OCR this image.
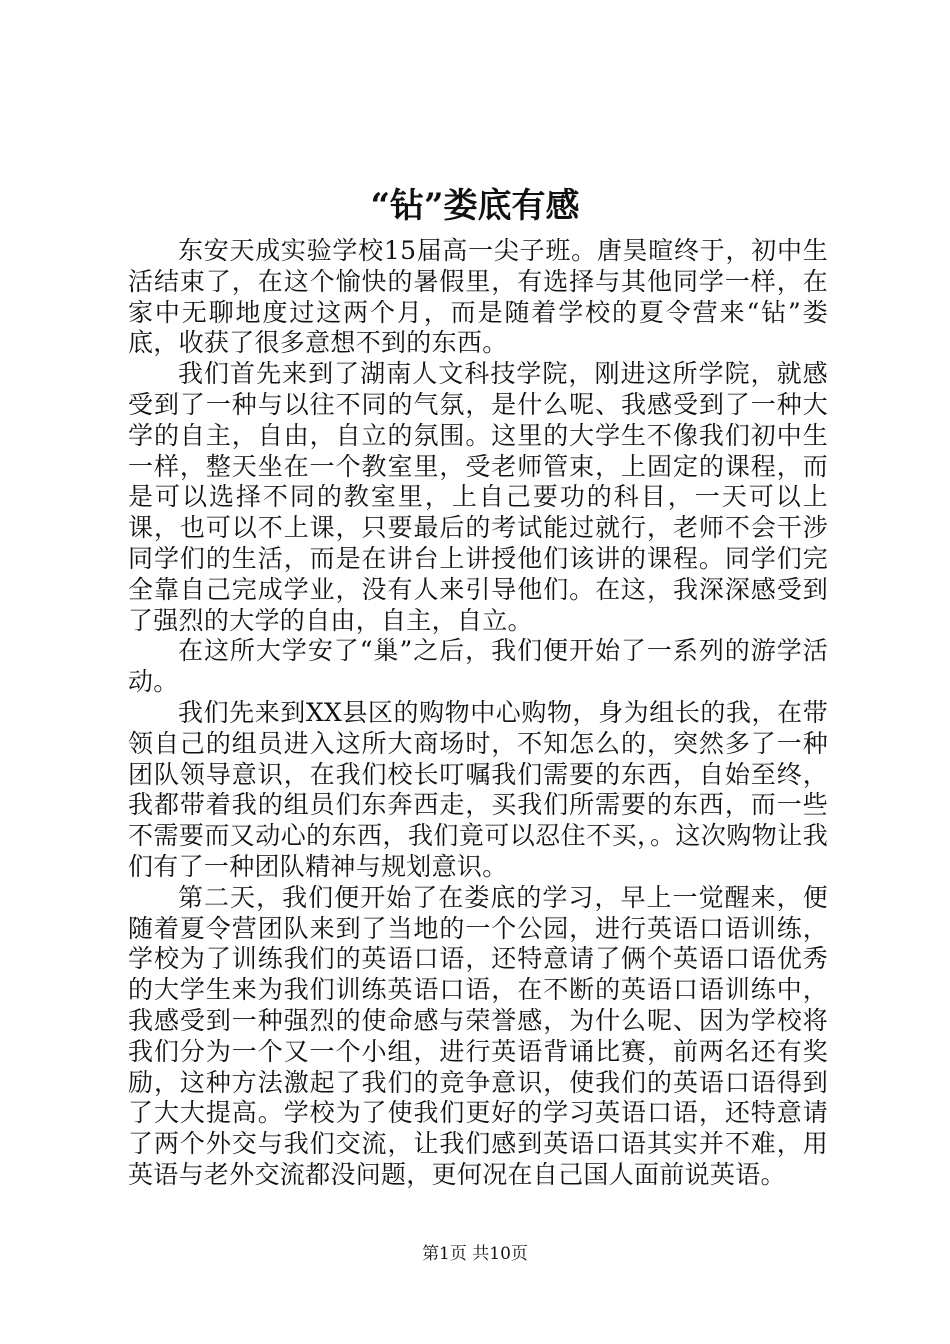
“钻”娄底有感

东安天成实验学校15届高一尖子班。唐昊暄终于，初中生活结束了，在这个愉快的暑假里，有选择与其他同学一样，在家中无聊地度过这两个月，而是随着学校的夏令营来“钻”娄底，收获了很多意想不到的东西。

我们首先来到了湖南人文科技学院，刚进这所学院，就感受到了一种与以往不同的气氛，是什么呢、我感受到了一种大学的自主，自由，自立的氛围。这里的大学生不像我们初中生一样，整天坐在一个教室里，受老师管束，上固定的课程，而是可以选择不同的教室里，上自己要功的科目，一天可以上课，也可以不上课，只要最后的考试能过就行，老师不会干涉同学们的生活，而是在讲台上讲授他们该讲的课程。同学们完全靠自己完成学业，没有人来引导他们。在这，我深深感受到了强烈的大学的自由，自主，自立。

在这所大学安了“巢”之后，我们便开始了一系列的游学活动。

我们先来到XX县区的购物中心购物，身为组长的我，在带领自己的组员进入这所大商场时，不知怎么的，突然多了一种团队领导意识，在我们校长叮嘱我们需要的东西，自始至终，我都带着我的组员们东奔西走，买我们所需要的东西，而一些不需要而又动心的东西，我们竟可以忍住不买，。这次购物让我们有了一种团队精神与规划意识。

第二天，我们便开始了在娄底的学习，早上一觉醒来，便随着夏令营团队来到了当地的一个公园，进行英语口语训练，学校为了训练我们的英语口语，还特意请了俩个英语口语优秀的大学生来为我们训练英语口语，在不断的英语口语训练中，我感受到一种强烈的使命感与荣誉感，为什么呢、因为学校将我们分为一个又一个小组，进行英语背诵比赛，前两名还有奖励，这种方法激起了我们的竞争意识，使我们的英语口语得到了大大提高。学校为了使我们更好的学习英语口语，还特意请了两个外交与我们交流，让我们感到英语口语其实并不难，用英语与老外交流都没问题，更何况在自己国人面前说英语。

第1页 共10页
